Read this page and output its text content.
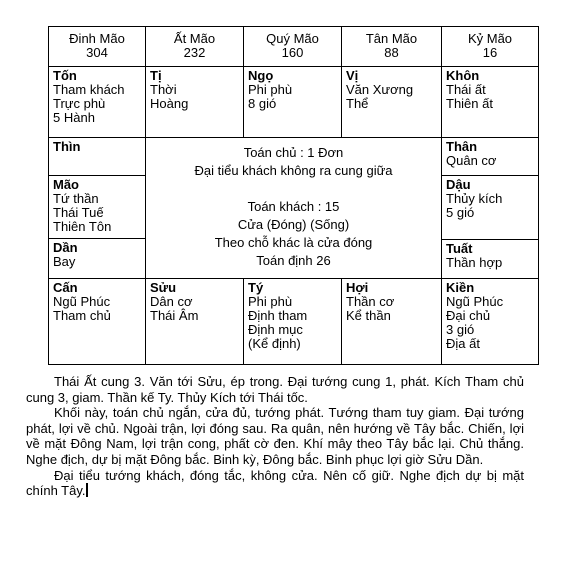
Đinh Mão
304
Ất Mão
232
Quý Mão
160
Tân Mão
88
Kỷ Mão
16
Tốn
Tham khách
Trực phù
5 Hành
Tị
Thời
Hoàng
Ngọ
Phi phù
8 gió
Vị
Văn Xương
Thể
Khôn
Thái ất
Thiên ất
Thìn
Mão
Tứ thần
Thái Tuế
Thiên Tôn
Dần
Bay
Toán chủ : 1 Đơn
Đại tiểu khách không ra cung giữa
Toán khách : 15
Cửa (Đóng) (Sống)
Theo chỗ khác là cửa đóng
Toán định 26
Thân
Quân cơ
Dậu
Thủy kích
5 gió
Tuất
Thần hợp
Cấn
Ngũ Phúc
Tham chủ
Sửu
Dân cơ
Thái Âm
Tý
Phi phù
Định tham
Định mục
(Kể định)
Hợi
Thần cơ
Kể thần
Kiền
Ngũ Phúc
Đại chủ
3 gió
Địa ất

Thái Ất cung 3. Văn tới Sửu, ép trong. Đại tướng cung 1, phát. Kích Tham chủ cung 3, giam. Thần kế Ty. Thủy Kích tới Thái tốc.

Khối này, toán chủ ngắn, cửa đủ, tướng phát. Tướng tham tuy giam. Đại tướng phát, lợi về chủ. Ngoài trận, lợi đóng sau. Ra quân, nên hướng về Tây bắc. Chiến, lợi về mặt Đông Nam, lợi trận cong, phất cờ đen. Khí mây theo Tây bắc lại. Chủ thắng. Nghe địch, dự bị mặt Đông bắc. Binh kỳ, Đông bắc. Binh phục lợi giờ Sửu Dần.

Đại tiểu tướng khách, đóng tắc, không cửa. Nên cố giữ. Nghe địch dự bị mặt chính Tây.
